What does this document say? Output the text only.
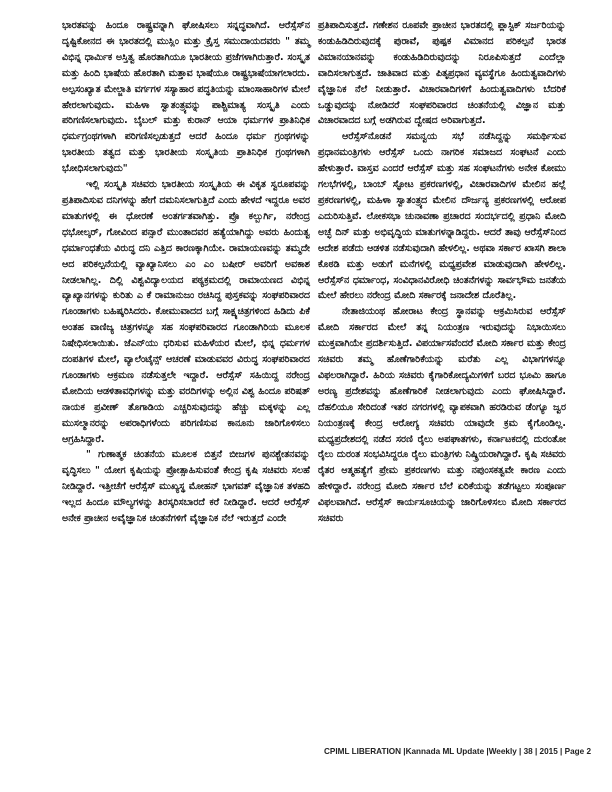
ಭಾರತವನ್ನು ಹಿಂದೂ ರಾಷ್ಟ್ರವನ್ನಾಗಿ ಘೋಷಿಸಲು ಸನ್ನದ್ಧವಾಗಿದೆ. ಆರೆಸ್ಸೆಸ್‌ನ ದೃಷ್ಟಿಕೋನದ ಈ ಭಾರತದಲ್ಲಿ ಮುಸ್ಲಿಂ ಮತ್ತು ಕ್ರೈಸ್ತ ಸಮುದಾಯದವರು " ತಮ್ಮ ವಿಭಿನ್ನ ಧಾರ್ಮಿಕ ಅಸ್ತಿತ್ವ ಹೊರತಾಗಿಯೂ ಭಾರತೀಯ ಪ್ರಜೆಗಳಾಗಿರುತ್ತಾರೆ. ಸಂಸ್ಕೃತ ಮತ್ತು ಹಿಂದಿ ಭಾಷೆಯ ಹೊರತಾಗಿ ಮತ್ತಾವ ಭಾಷೆಯೂ ರಾಷ್ಟ್ರಭಾಷೆಯಾಗಲಾರದು. ಅಲ್ಪಸಂಖ್ಯಾತ ಮೇಲ್ಜಾತಿ ವರ್ಗಗಳ ಸಸ್ಯಾಹಾರ ಪದ್ಧತಿಯನ್ನು ಮಾಂಸಾಹಾರಿಗಳ ಮೇಲೆ ಹೇರಲಾಗುವುದು. ಮಹಿಳಾ ಸ್ವಾತಂತ್ರ್ಯವನ್ನು ಪಾಶ್ಚಿಮಾತ್ಯ ಸಂಸ್ಕೃತಿ ಎಂದು ಪರಿಗಣಿಸಲಾಗುವುದು. ಬೈಬಲ್ ಮತ್ತು ಕುರಾನ್ ಆಯಾ ಧರ್ಮಗಳ ಪ್ರಾತಿನಿಧಿಕ ಧರ್ಮಗ್ರಂಥಗಳಾಗಿ ಪರಿಗಣಿಸಲ್ಪಡುತ್ತದೆ ಆದರೆ ಹಿಂದೂ ಧರ್ಮ ಗ್ರಂಥಗಳನ್ನು ಭಾರತೀಯ ತತ್ವದ ಮತ್ತು ಭಾರತೀಯ ಸಂಸ್ಕೃತಿಯ ಪ್ರಾತಿನಿಧಿಕ ಗ್ರಂಥಗಳಾಗಿ ಭೋಧಿಸಲಾಗುವುದು"

ಇಲ್ಲಿ ಸಂಸ್ಕೃತಿ ಸಚಿವರು ಭಾರತೀಯ ಸಂಸ್ಕೃತಿಯ ಈ ವಿಕೃತ ಸ್ವರೂಪವನ್ನು ಪ್ರತಿಪಾದಿಸುವ ದನಿಗಳನ್ನು ಹೇಗೆ ದಮನಿಸಲಾಗುತ್ತಿದೆ ಎಂದು ಹೇಳದೆ ಇದ್ದರೂ ಅವರ ಮಾತುಗಳಲ್ಲಿ ಈ ಧೋರಣೆ ಅಂತರ್ಗತವಾಗಿತ್ತು. ಪ್ರೊ ಕಲ್ಬುರ್ಗಿ, ನರೇಂದ್ರ ಧಭೋಲ್ಕರ್, ಗೋವಿಂದ ಪನ್ಸಾರೆ ಮುಂತಾದವರ ಹತ್ಯೆಯಾಗಿದ್ದು ಅವರು ಹಿಂದುತ್ವ ಧರ್ಮಾಂಧತೆಯ ವಿರುದ್ಧ ದನಿ ಎತ್ತಿದ ಕಾರಣಕ್ಕಾಗಿಯೇ. ರಾಮಾಯಣವನ್ನು ತಮ್ಮದೇ ಆದ ಪರಿಕಲ್ಪನೆಯಲ್ಲಿ ವ್ಯಾಖ್ಯಾನಿಸಲು ಎಂ ಎಂ ಬಷೀರ್ ಅವರಿಗೆ ಅವಕಾಶ ನೀಡಲಾಗಿಲ್ಲ. ದಿಲ್ಲಿ ವಿಶ್ವವಿದ್ಯಾಲಯದ ಪಠ್ಯಕ್ರಮದಲ್ಲಿ ರಾಮಾಯಣದ ವಿಭಿನ್ನ ವ್ಯಾಖ್ಯಾನಗಳನ್ನು ಕುರಿತು ಎ ಕೆ ರಾಮಾನುಜಂ ರಚಿಸಿದ್ದ ಪುಸ್ತಕವನ್ನು ಸಂಘಪರಿವಾರದ ಗೂಂಡಾಗಳು ಬಹಿಷ್ಕರಿಸಿದರು. ಕೋಮುವಾದದ ಬಗ್ಗೆ ಸಾಕ್ಷ್ಯಚಿತ್ರಗಳಿಂದ ಹಿಡಿದು ಪಿಕೆ ಅಂತಹ ವಾಣಿಜ್ಯ ಚಿತ್ರಗಳನ್ನೂ ಸಹ ಸಂಘಪರಿವಾರದ ಗೂಂಡಾಗಿರಿಯ ಮೂಲಕ ನಿಷೇಧಿಸಲಾಯಿತು. ಜೆಎನ್‌ಯು ಧರಿಸುವ ಮಹಿಳೆಯರ ಮೇಲೆ, ಭಿನ್ನ ಧರ್ಮಗಳ ದಂಪತಿಗಳ ಮೇಲೆ, ವ್ಯಾಲೆಂಟೈನ್ಸ್ ಆಚರಣೆ ಮಾಡುವವರ ವಿರುದ್ಧ ಸಂಘಪರಿವಾರದ ಗೂಂಡಾಗಳು ಆಕ್ರಮಣ ನಡೆಸುತ್ತಲೇ ಇದ್ದಾರೆ. ಆರೆಸ್ಸೆಸ್ ಸಹಿಯಿದ್ದ ನರೇಂದ್ರ ಮೋದಿಯ ಆಡಳಿತಾವಧಿಗಳನ್ನು ಮತ್ತು ವರದಿಗಳನ್ನು ಅಲ್ಲಿನ ವಿಶ್ವ ಹಿಂದೂ ಪರಿಷತ್ ನಾಯಕ ಪ್ರವೀಣ್ ತೊಗಾಡಿಯ ಎಚ್ಚರಿಸುವುದನ್ನು ಹೆಚ್ಚು ಮಕ್ಕಳನ್ನು ಎಲ್ಲ ಮುಸಲ್ಮಾನರನ್ನು ಅಪರಾಧಿಗಳೆಂದು ಪರಿಗಣಿಸುವ ಕಾನೂನು ಜಾರಿಗೊಳಿಸಲು ಆಗ್ರಹಿಸಿದ್ದಾರೆ.

" ಗುಣಾತ್ಮಕ ಚಿಂತನೆಯ ಮೂಲಕ ಬಿತ್ತನೆ ಬೀಜಗಳ ಪುನಶ್ಚೇತನವನ್ನು ವೃದ್ಧಿಸಲು " ಯೋಗ ಕೃಷಿಯನ್ನು ಪ್ರೋತ್ಸಾಹಿಸುವಂತೆ ಕೇಂದ್ರ ಕೃಷಿ ಸಚಿವರು ಸಲಹೆ ನೀಡಿದ್ದಾರೆ. ಇತ್ತೀಚೆಗೆ ಆರೆಸ್ಸೆಸ್ ಮುಖ್ಯಸ್ಥ ಮೋಹನ್ ಭಾಗವತ್ ವೈಜ್ಞಾನಿಕ ತಳಹದಿ ಇಲ್ಲದ ಹಿಂದೂ ಮೌಲ್ಯಗಳನ್ನು ತಿರಸ್ಕರಿಸಬಾರದೆ ಕರೆ ನೀಡಿದ್ದಾರೆ. ಆದರೆ ಆರೆಸ್ಸೆಸ್ ಅನೇಕ ಪ್ರಾಚೀನ ಅವೈಜ್ಞಾನಿಕ ಚಿಂತನೆಗಳಿಗೆ ವೈಜ್ಞಾನಿಕ ನೆಲೆ ಇರುತ್ತದೆ ಎಂದೇ

ಪ್ರತಿಪಾದಿಸುತ್ತದೆ. ಗಣೇಶನ ರೂಪವೇ ಪ್ರಾಚೀನ ಭಾರತದಲ್ಲಿ ಪ್ಲಾಸ್ಟಿಕ್ ಸರ್ಜರಿಯನ್ನು ಕಂಡುಹಿಡಿದಿರುವುದಕ್ಕೆ ಪುರಾವೆ, ಪುಷ್ಪಕ ವಿಮಾನದ ಪರಿಕಲ್ಪನೆ ಭಾರತ ವಿಮಾನಯಾನವನ್ನು ಕಂಡುಹಿಡಿದಿರುವುದನ್ನು ನಿರೂಪಿಸುತ್ತದೆ ಎಂದೆಲ್ಲಾ ವಾದಿಸಲಾಗುತ್ತದೆ. ಜಾತಿವಾದ ಮತ್ತು ಪಿತೃಪ್ರಧಾನ ವ್ಯವಸ್ಥೆಗೂ ಹಿಂದುತ್ವವಾದಿಗಳು ವೈಜ್ಞಾನಿಕ ನೆಲೆ ನೀಡುತ್ತಾರೆ. ವಿಚಾರವಾದಿಗಳಿಗೆ ಹಿಂದುತ್ವವಾದಿಗಳು ಬೆದರಿಕೆ ಒಡ್ಡುವುದನ್ನು ನೋಡಿದರೆ ಸಂಘಪರಿವಾರದ ಚಿಂತನೆಯಲ್ಲಿ ವಿಜ್ಞಾನ ಮತ್ತು ವಿಚಾರವಾದದ ಬಗ್ಗೆ ಅಡಗಿರುವ ದ್ವೇಷದ ಅರಿವಾಗುತ್ತದೆ.

ಆರೆಸ್ಸೆಸ್‌ನೊಡನೆ ಸಮನ್ವಯ ಸಭೆ ನಡೆಸಿದ್ದನ್ನು ಸಮರ್ಥಿಸುವ ಪ್ರಧಾನಮಂತ್ರಿಗಳು ಆರೆಸ್ಸೆಸ್ ಒಂದು ನಾಗರಿಕ ಸಮಾಜದ ಸಂಘಟನೆ ಎಂದು ಹೇಳುತ್ತಾರೆ. ವಾಸ್ತವ ಎಂದರೆ ಆರೆಸ್ಸೆಸ್ ಮತ್ತು ಸಹ ಸಂಘಟನೆಗಳು ಅನೇಕ ಕೋಮು ಗಲಭೆಗಳಲ್ಲಿ, ಬಾಂಬ್ ಸ್ಫೋಟ ಪ್ರಕರಣಗಳಲ್ಲಿ, ವಿಚಾರವಾದಿಗಳ ಮೇಲಿನ ಹಲ್ಲೆ ಪ್ರಕರಣಗಳಲ್ಲಿ, ಮಹಿಳಾ ಸ್ವಾತಂತ್ರ್ಯದ ಮೇಲಿನ ದೌರ್ಜನ್ಯ ಪ್ರಕರಣಗಳಲ್ಲಿ ಆರೋಪ ಎದುರಿಸುತ್ತಿವೆ. ಲೋಕಸಭಾ ಚುನಾವಣಾ ಪ್ರಚಾರದ ಸಂದರ್ಭದಲ್ಲಿ ಪ್ರಧಾನಿ ಮೋದಿ ಅಚ್ಛೆ ದಿನ್ ಮತ್ತು ಅಭಿವೃದ್ಧಿಯ ಮಾತುಗಳನ್ನಾಡಿದ್ದರು. ಆದರೆ ತಾವು ಆರೆಸ್ಸೆಸ್‌ನಿಂದ ಆದೇಶ ಪಡೆದು ಆಡಳಿತ ನಡೆಸುವುದಾಗಿ ಹೇಳಲಿಲ್ಲ. ಅಥವಾ ಸರ್ಕಾರ ಖಾಸಗಿ ಶಾಲಾ ಕೊಠಡಿ ಮತ್ತು ಅಡುಗೆ ಮನೆಗಳಲ್ಲಿ ಮಧ್ಯಪ್ರವೇಶ ಮಾಡುವುದಾಗಿ ಹೇಳಲಿಲ್ಲ. ಆರೆಸ್ಸೆಸ್‌ನ ಧರ್ಮಾಂಧ, ಸಂವಿಧಾನವಿರೋಧಿ ಚಿಂತನೆಗಳನ್ನು ಸಾರ್ವಭೌಮ ಜನತೆಯ ಮೇಲೆ ಹೇರಲು ನರೇಂದ್ರ ಮೋದಿ ಸರ್ಕಾರಕ್ಕೆ ಜನಾದೇಶ ದೊರೆತಿಲ್ಲ.

ನೇತಾಜಿಯಂಥ ಹೋರಾಟ ಕೇಂದ್ರ ಸ್ಥಾನವನ್ನು ಆಕ್ರಮಿಸಿರುವ ಆರೆಸ್ಸೆಸ್ ಮೋದಿ ಸರ್ಕಾರದ ಮೇಲೆ ತನ್ನ ನಿಯಂತ್ರಣ ಇರುವುದನ್ನು ನಿಭಾಯಿಸಲು ಮುಕ್ತವಾಗಿಯೇ ಪ್ರದರ್ಶಿಸುತ್ತಿದೆ. ವಿಪರ್ಯಾಸವೆಂದರೆ ಮೋದಿ ಸರ್ಕಾರ ಮತ್ತು ಕೇಂದ್ರ ಸಚಿವರು ತಮ್ಮ ಹೊಣೆಗಾರಿಕೆಯನ್ನು ಮರೆತು ಎಲ್ಲ ವಿಭಾಗಗಳನ್ನೂ ವಿಫಲರಾಗಿದ್ದಾರೆ. ಹಿರಿಯ ಸಚಿವರು ಕೈಗಾರಿಕೋದ್ಯಮಿಗಳಿಗೆ ಬರದ ಭೂಮಿ ಹಾಗೂ ಅರಣ್ಯ ಪ್ರದೇಶವನ್ನು ಹೊಣೆಗಾರಿಕೆ ನೀಡಲಾಗುವುದು ಎಂದು ಘೋಷಿಸಿದ್ದಾರೆ. ದೆಹಲಿಯೂ ಸೇರಿದಂತೆ ಇತರ ನಗರಗಳಲ್ಲಿ ವ್ಯಾಪಕವಾಗಿ ಹರಡಿರುವ ಡೆಂಗ್ಯೂ ಜ್ವರ ನಿಯಂತ್ರಣಕ್ಕೆ ಕೇಂದ್ರ ಆರೋಗ್ಯ ಸಚಿವರು ಯಾವುದೇ ಕ್ರಮ ಕೈಗೊಂಡಿಲ್ಲ. ಮಧ್ಯಪ್ರದೇಶದಲ್ಲಿ ನಡೆದ ಸರಣಿ ರೈಲು ಅಪಘಾತಗಳು, ಕರ್ನಾಟಕದಲ್ಲಿ ದುರಂತೋ ರೈಲು ದುರಂತ ಸಂಭವಿಸಿದ್ದರೂ ರೈಲು ಮಂತ್ರಿಗಳು ನಿಷ್ಕ್ರಿಯರಾಗಿದ್ದಾರೆ. ಕೃಷಿ ಸಚಿವರು ರೈತರ ಆತ್ಮಹತ್ಯೆಗೆ ಪ್ರೇಮ ಪ್ರಕರಣಗಳು ಮತ್ತು ನಪುಂಸಕತ್ವವೇ ಕಾರಣ ಎಂದು ಹೇಳಿದ್ದಾರೆ. ನರೇಂದ್ರ ಮೋದಿ ಸರ್ಕಾರ ಬೆಲೆ ಏರಿಕೆಯನ್ನು ತಡೆಗಟ್ಟಲು ಸಂಪೂರ್ಣ ವಿಫಲವಾಗಿದೆ. ಆರೆಸ್ಸೆಸ್ ಕಾರ್ಯಸೂಚಿಯನ್ನು ಜಾರಿಗೊಳಿಸಲು ಮೋದಿ ಸರ್ಕಾರದ ಸಚಿವರು

CPIML LIBERATION |Kannada ML Update |Weekly | 38 | 2015 | Page 2
